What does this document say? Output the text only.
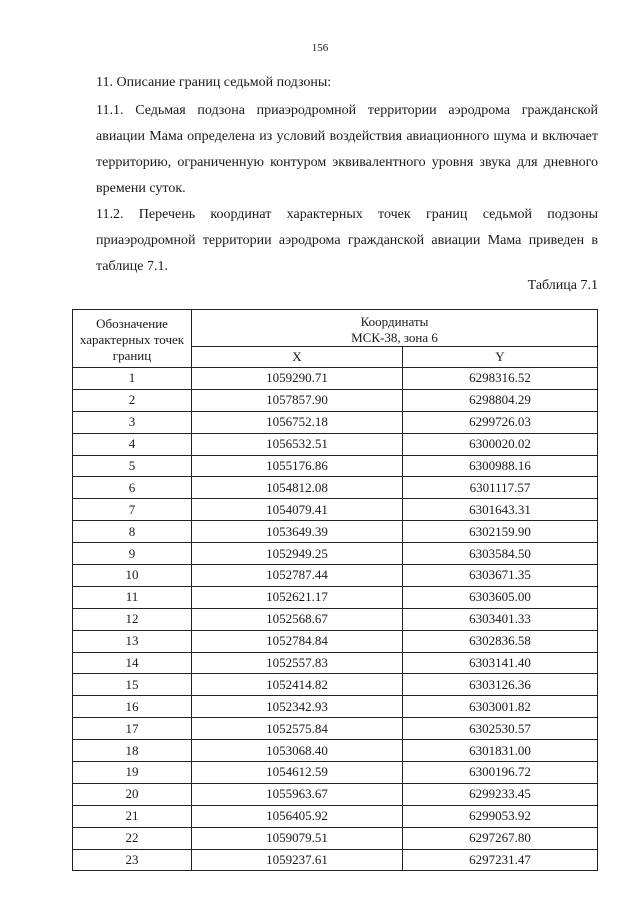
156

11. Описание границ седьмой подзоны:

11.1. Седьмая подзона приаэродромной территории аэродрома гражданской авиации Мама определена из условий воздействия авиационного шума и включает территорию, ограниченную контуром эквивалентного уровня звука для дневного времени суток.

11.2. Перечень координат характерных точек границ седьмой подзоны приаэродромной территории аэродрома гражданской авиации Мама приведен в таблице 7.1.

Таблица 7.1
Обозначение характерных точек границ	Координаты
МСК-38, зона 6	

	X	Y
1	1059290.71	6298316.52
2	1057857.90	6298804.29
3	1056752.18	6299726.03
4	1056532.51	6300020.02
5	1055176.86	6300988.16
6	1054812.08	6301117.57
7	1054079.41	6301643.31
8	1053649.39	6302159.90
9	1052949.25	6303584.50
10	1052787.44	6303671.35
11	1052621.17	6303605.00
12	1052568.67	6303401.33
13	1052784.84	6302836.58
14	1052557.83	6303141.40
15	1052414.82	6303126.36
16	1052342.93	6303001.82
17	1052575.84	6302530.57
18	1053068.40	6301831.00
19	1054612.59	6300196.72
20	1055963.67	6299233.45
21	1056405.92	6299053.92
22	1059079.51	6297267.80
23	1059237.61	6297231.47
